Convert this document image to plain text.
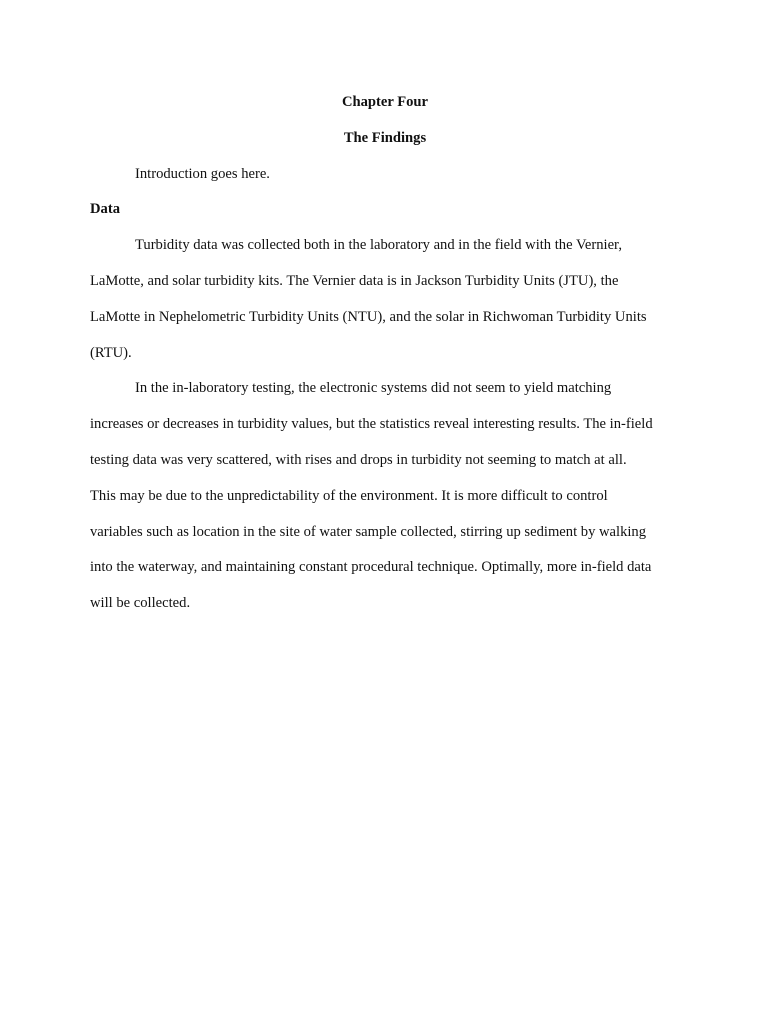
Chapter Four
The Findings
Introduction goes here.
Data
Turbidity data was collected both in the laboratory and in the field with the Vernier,
LaMotte, and solar turbidity kits. The Vernier data is in Jackson Turbidity Units (JTU), the
LaMotte in Nephelometric Turbidity Units (NTU), and the solar in Richwoman Turbidity Units
(RTU).
In the in-laboratory testing, the electronic systems did not seem to yield matching
increases or decreases in turbidity values, but the statistics reveal interesting results. The in-field
testing data was very scattered, with rises and drops in turbidity not seeming to match at all.
This may be due to the unpredictability of the environment. It is more difficult to control
variables such as location in the site of water sample collected, stirring up sediment by walking
into the waterway, and maintaining constant procedural technique. Optimally, more in-field data
will be collected.
